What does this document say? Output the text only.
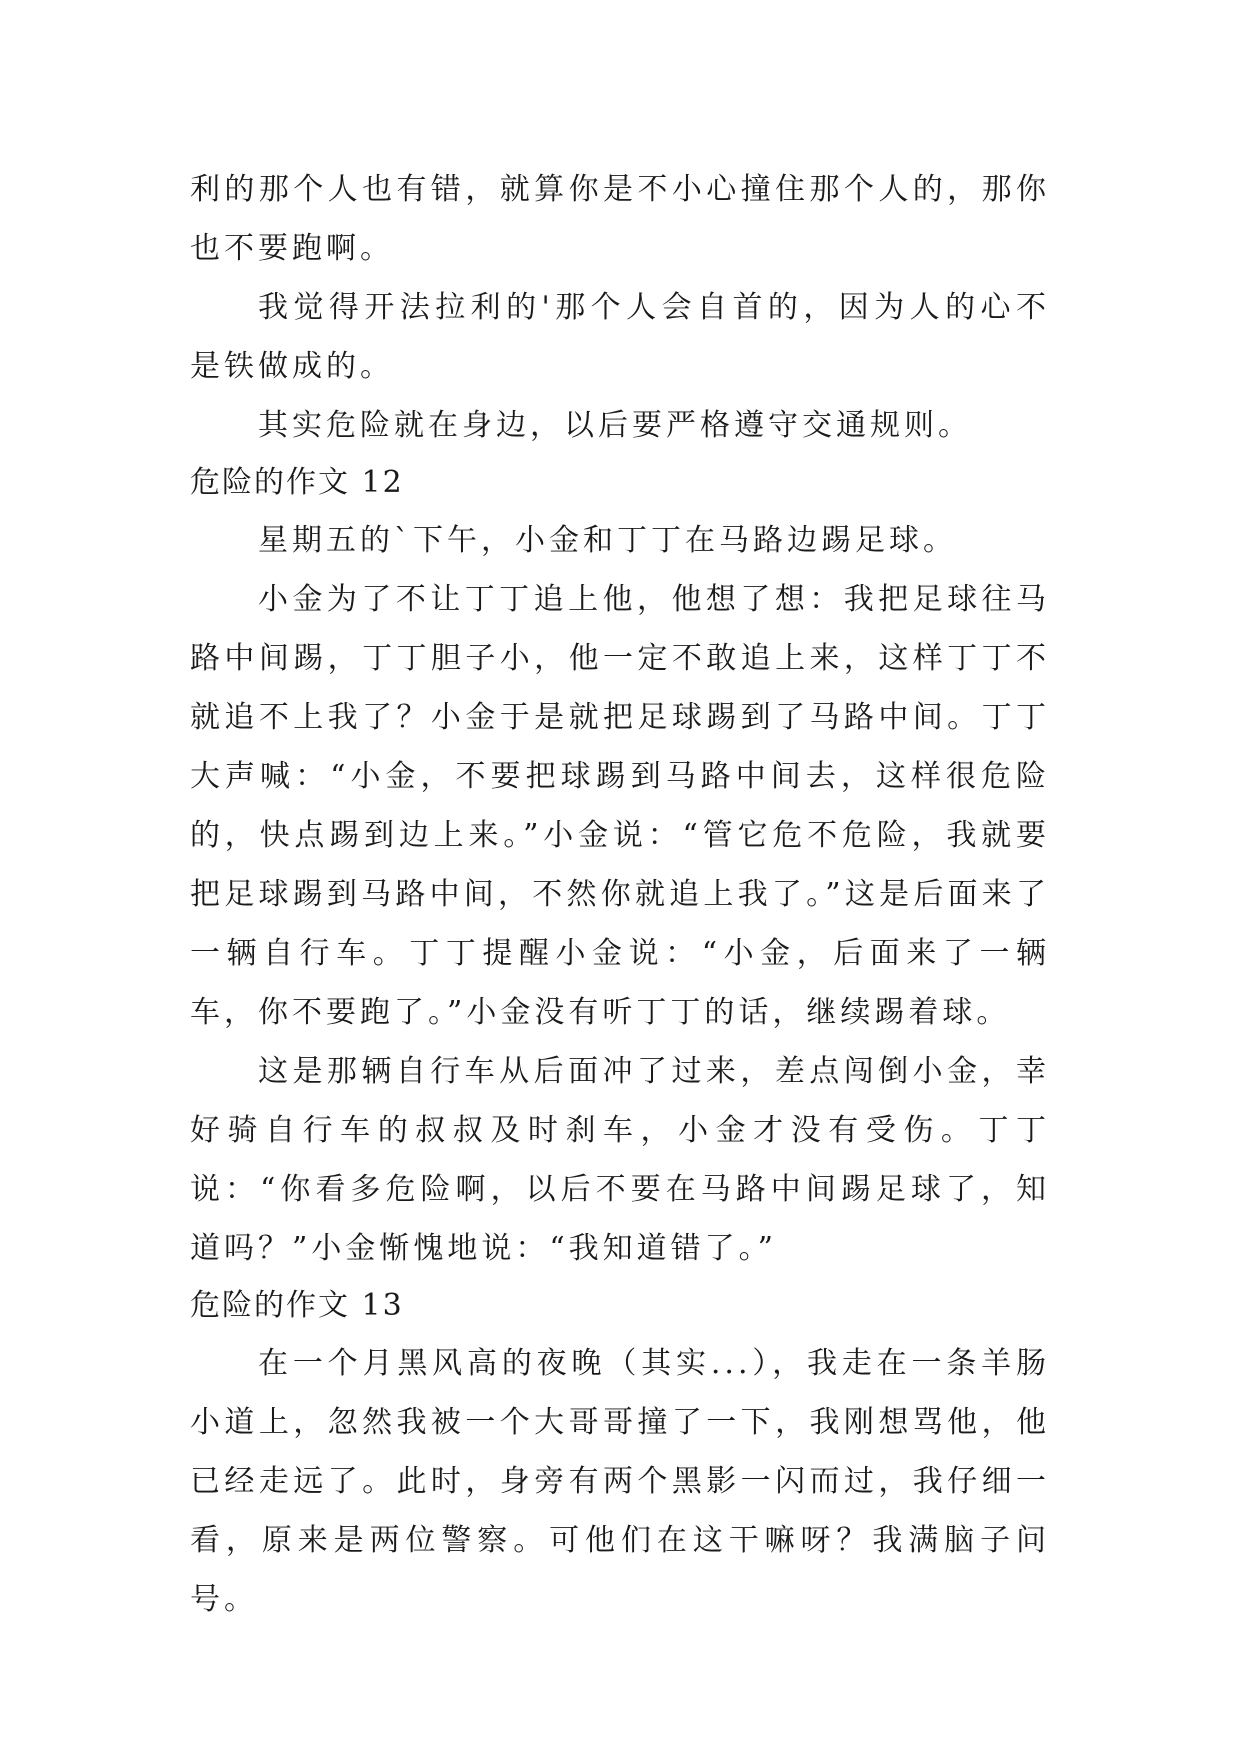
利的那个人也有错，就算你是不小心撞住那个人的，那你也不要跑啊。

我觉得开法拉利的'那个人会自首的，因为人的心不是铁做成的。

其实危险就在身边，以后要严格遵守交通规则。

危险的作文 12

星期五的`下午，小金和丁丁在马路边踢足球。

小金为了不让丁丁追上他，他想了想：我把足球往马路中间踢，丁丁胆子小，他一定不敢追上来，这样丁丁不就追不上我了？小金于是就把足球踢到了马路中间。丁丁大声喊：“小金，不要把球踢到马路中间去，这样很危险的，快点踢到边上来。”小金说：“管它危不危险，我就要把足球踢到马路中间，不然你就追上我了。”这是后面来了一辆自行车。丁丁提醒小金说：“小金，后面来了一辆车，你不要跑了。”小金没有听丁丁的话，继续踢着球。

这是那辆自行车从后面冲了过来，差点闯倒小金，幸好骑自行车的叔叔及时刹车，小金才没有受伤。丁丁说：“你看多危险啊，以后不要在马路中间踢足球了，知道吗？”小金惭愧地说：“我知道错了。”

危险的作文 13

在一个月黑风高的夜晚（其实...），我走在一条羊肠小道上，忽然我被一个大哥哥撞了一下，我刚想骂他，他已经走远了。此时，身旁有两个黑影一闪而过，我仔细一看，原来是两位警察。可他们在这干嘛呀？我满脑子问号。
